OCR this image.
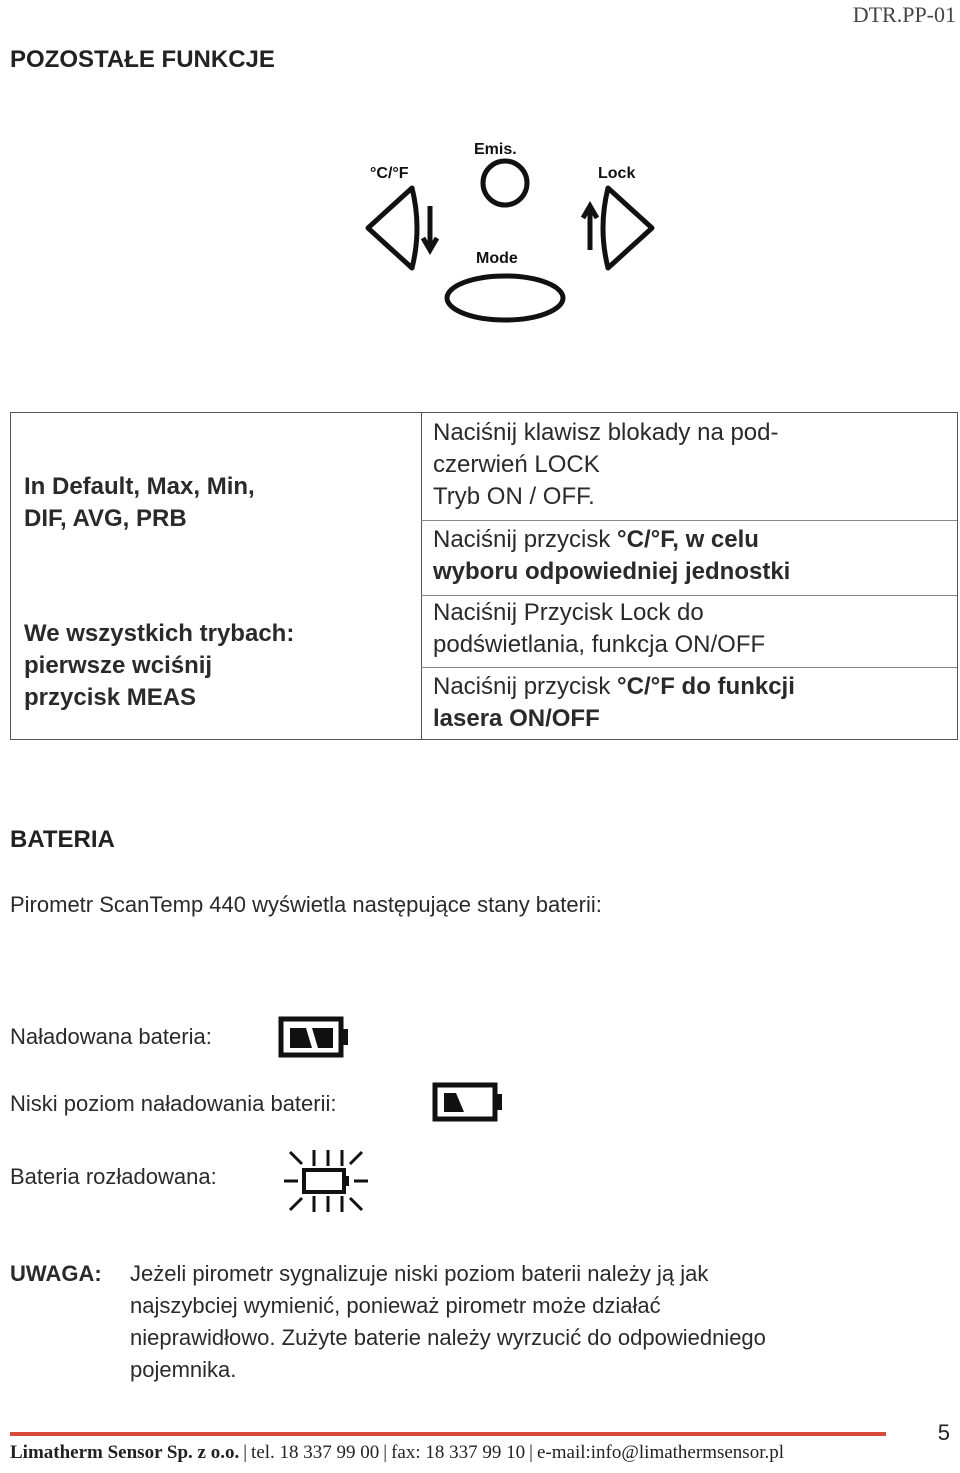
DTR.PP-01
POZOSTAŁE FUNKCJE
°C/°F
Emis.
Lock
Mode
In Default, Max, Min,
DIF, AVG, PRB
We wszystkich trybach:
pierwsze wciśnij
przycisk MEAS
Naciśnij klawisz blokady na pod-
czerwień LOCK
Tryb ON / OFF.
Naciśnij przycisk °C/°F, w celu
wyboru odpowiedniej jednostki
Naciśnij Przycisk Lock do
podświetlania, funkcja ON/OFF
Naciśnij przycisk °C/°F do funkcji
lasera ON/OFF
BATERIA
Pirometr ScanTemp 440 wyświetla następujące stany baterii:
Naładowana bateria:
Niski poziom naładowania baterii:
Bateria rozładowana:
UWAGA: Jeżeli pirometr sygnalizuje niski poziom baterii należy ją jak
najszybciej wymienić, ponieważ pirometr może działać
nieprawidłowo. Zużyte baterie należy wyrzucić do odpowiedniego
pojemnika.
Limatherm Sensor Sp. z o.o. | tel. 18 337 99 00 | fax: 18 337 99 10 | e-mail:info@limathermsensor.pl
5
